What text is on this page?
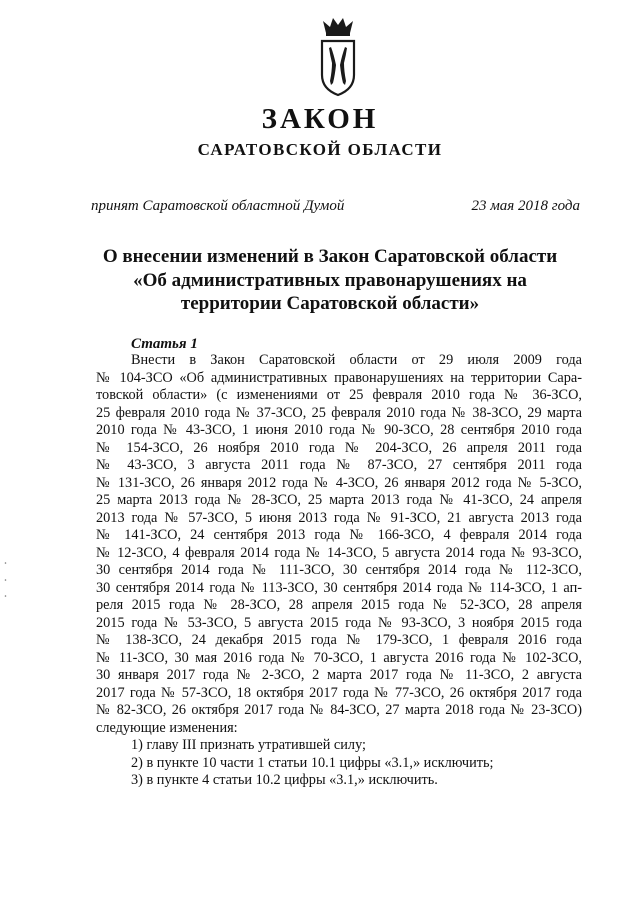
ЗАКОН
САРАТОВСКОЙ ОБЛАСТИ
принят Саратовской областной Думой	23 мая 2018 года
О внесении изменений в Закон Саратовской области
«Об административных правонарушениях на
территории Саратовской области»
Статья 1
Внести в Закон Саратовской области от 29 июля 2009 года
№ 104-ЗСО «Об административных правонарушениях на территории Сара-
товской области» (с изменениями от 25 февраля 2010 года № 36-ЗСО,
25 февраля 2010 года № 37-ЗСО, 25 февраля 2010 года № 38-ЗСО, 29 марта
2010 года № 43-ЗСО, 1 июня 2010 года № 90-ЗСО, 28 сентября 2010 года
№ 154-ЗСО, 26 ноября 2010 года № 204-ЗСО, 26 апреля 2011 года
№ 43-ЗСО, 3 августа 2011 года № 87-ЗСО, 27 сентября 2011 года
№ 131-ЗСО, 26 января 2012 года № 4-ЗСО, 26 января 2012 года № 5-ЗСО,
25 марта 2013 года № 28-ЗСО, 25 марта 2013 года № 41-ЗСО, 24 апреля
2013 года № 57-ЗСО, 5 июня 2013 года № 91-ЗСО, 21 августа 2013 года
№ 141-ЗСО, 24 сентября 2013 года № 166-ЗСО, 4 февраля 2014 года
№ 12-ЗСО, 4 февраля 2014 года № 14-ЗСО, 5 августа 2014 года № 93-ЗСО,
30 сентября 2014 года № 111-ЗСО, 30 сентября 2014 года № 112-ЗСО,
30 сентября 2014 года № 113-ЗСО, 30 сентября 2014 года № 114-ЗСО, 1 ап-
реля 2015 года № 28-ЗСО, 28 апреля 2015 года № 52-ЗСО, 28 апреля
2015 года № 53-ЗСО, 5 августа 2015 года № 93-ЗСО, 3 ноября 2015 года
№ 138-ЗСО, 24 декабря 2015 года № 179-ЗСО, 1 февраля 2016 года
№ 11-ЗСО, 30 мая 2016 года № 70-ЗСО, 1 августа 2016 года № 102-ЗСО,
30 января 2017 года № 2-ЗСО, 2 марта 2017 года № 11-ЗСО, 2 августа
2017 года № 57-ЗСО, 18 октября 2017 года № 77-ЗСО, 26 октября 2017 года
№ 82-ЗСО, 26 октября 2017 года № 84-ЗСО, 27 марта 2018 года № 23-ЗСО)
следующие изменения:
1) главу III признать утратившей силу;
2) в пункте 10 части 1 статьи 10.1 цифры «3.1,» исключить;
3) в пункте 4 статьи 10.2 цифры «3.1,» исключить.
